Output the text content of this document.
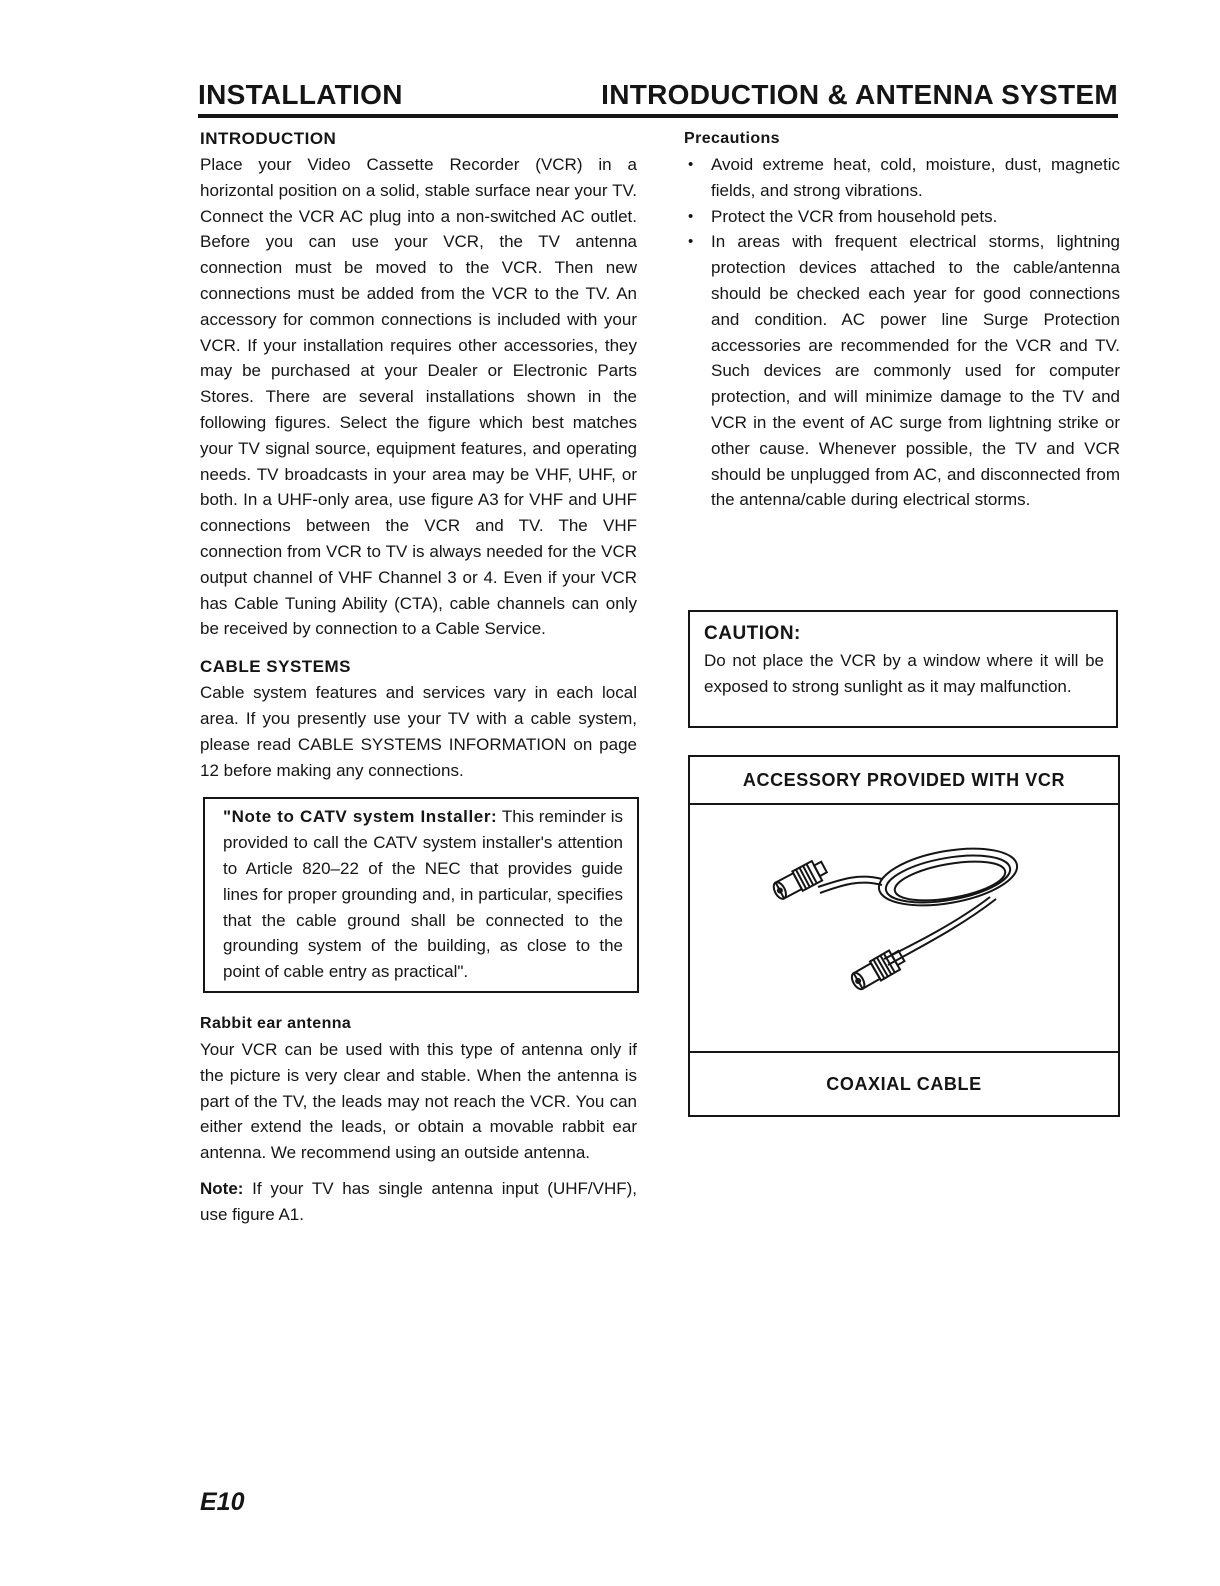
INSTALLATION	INTRODUCTION & ANTENNA SYSTEM
INTRODUCTION

Place your Video Cassette Recorder (VCR) in a horizontal position on a solid, stable surface near your TV. Connect the VCR AC plug into a non-switched AC outlet. Before you can use your VCR, the TV antenna connection must be moved to the VCR. Then new connections must be added from the VCR to the TV. An accessory for common connections is included with your VCR. If your installation requires other accessories, they may be purchased at your Dealer or Electronic Parts Stores. There are several installations shown in the following figures. Select the figure which best matches your TV signal source, equipment features, and operating needs. TV broadcasts in your area may be VHF, UHF, or both. In a UHF-only area, use figure A3 for VHF and UHF connections between the VCR and TV. The VHF connection from VCR to TV is always needed for the VCR output channel of VHF Channel 3 or 4. Even if your VCR has Cable Tuning Ability (CTA), cable channels can only be received by connection to a Cable Service.

CABLE SYSTEMS

Cable system features and services vary in each local area. If you presently use your TV with a cable system, please read CABLE SYSTEMS INFORMATION on page 12 before making any connections.

"Note to CATV system Installer: This reminder is provided to call the CATV system installer's attention to Article 820–22 of the NEC that provides guide lines for proper grounding and, in particular, specifies that the cable ground shall be connected to the grounding system of the building, as close to the point of cable entry as practical".

Rabbit ear antenna

Your VCR can be used with this type of antenna only if the picture is very clear and stable. When the antenna is part of the TV, the leads may not reach the VCR. You can either extend the leads, or obtain a movable rabbit ear antenna. We recommend using an outside antenna.

Note: If your TV has single antenna input (UHF/VHF), use figure A1.

Precautions
• Avoid extreme heat, cold, moisture, dust, magnetic fields, and strong vibrations.
• Protect the VCR from household pets.
• In areas with frequent electrical storms, lightning protection devices attached to the cable/antenna should be checked each year for good connections and condition. AC power line Surge Protection accessories are recommended for the VCR and TV. Such devices are commonly used for computer protection, and will minimize damage to the TV and VCR in the event of AC surge from lightning strike or other cause. Whenever possible, the TV and VCR should be unplugged from AC, and disconnected from the antenna/cable during electrical storms.
CAUTION:

Do not place the VCR by a window where it will be exposed to strong sunlight as it may malfunction.

ACCESSORY PROVIDED WITH VCR
COAXIAL CABLE
E10
